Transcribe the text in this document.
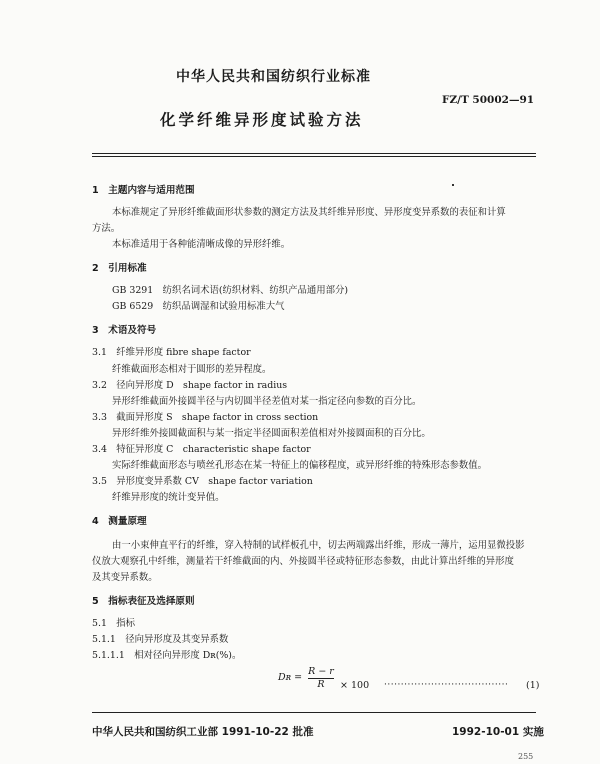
中华人民共和国纺织行业标准
FZ/T 50002—91
化学纤维异形度试验方法
1　主题内容与适用范围
本标准规定了异形纤维截面形状参数的测定方法及其纤维异形度、异形度变异系数的表征和计算
方法。
本标准适用于各种能清晰成像的异形纤维。
2　引用标准
GB 3291　纺织名词术语(纺织材料、纺织产品通用部分)
GB 6529　纺织品调湿和试验用标准大气
3　术语及符号
3.1　纤维异形度 fibre shape factor
纤维截面形态相对于圆形的差异程度。
3.2　径向异形度 D　shape factor in radius
异形纤维截面外接圆半径与内切圆半径差值对某一指定径向参数的百分比。
3.3　截面异形度 S　shape factor in cross section
异形纤维外接圆截面积与某一指定半径圆面积差值相对外接圆面积的百分比。
3.4　特征异形度 C　characteristic shape factor
实际纤维截面形态与喷丝孔形态在某一特征上的偏移程度，或异形纤维的特殊形态参数值。
3.5　异形度变异系数 CV　shape factor variation
纤维异形度的统计变异值。
4　测量原理
由一小束伸直平行的纤维，穿入特制的试样板孔中，切去两端露出纤维，形成一薄片，运用显微投影
仪放大观察孔中纤维，测量若干纤维截面的内、外接圆半径或特征形态参数，由此计算出纤维的异形度
及其变异系数。
5　指标表征及选择原则
5.1　指标
5.1.1　径向异形度及其变异系数
5.1.1.1　相对径向异形度 Dʀ(%)。
Dʀ = $\frac{R - r}{R} \times 100$ ····································· (1)
中华人民共和国纺织工业部 1991-10-22 批准	1992-10-01 实施
255
